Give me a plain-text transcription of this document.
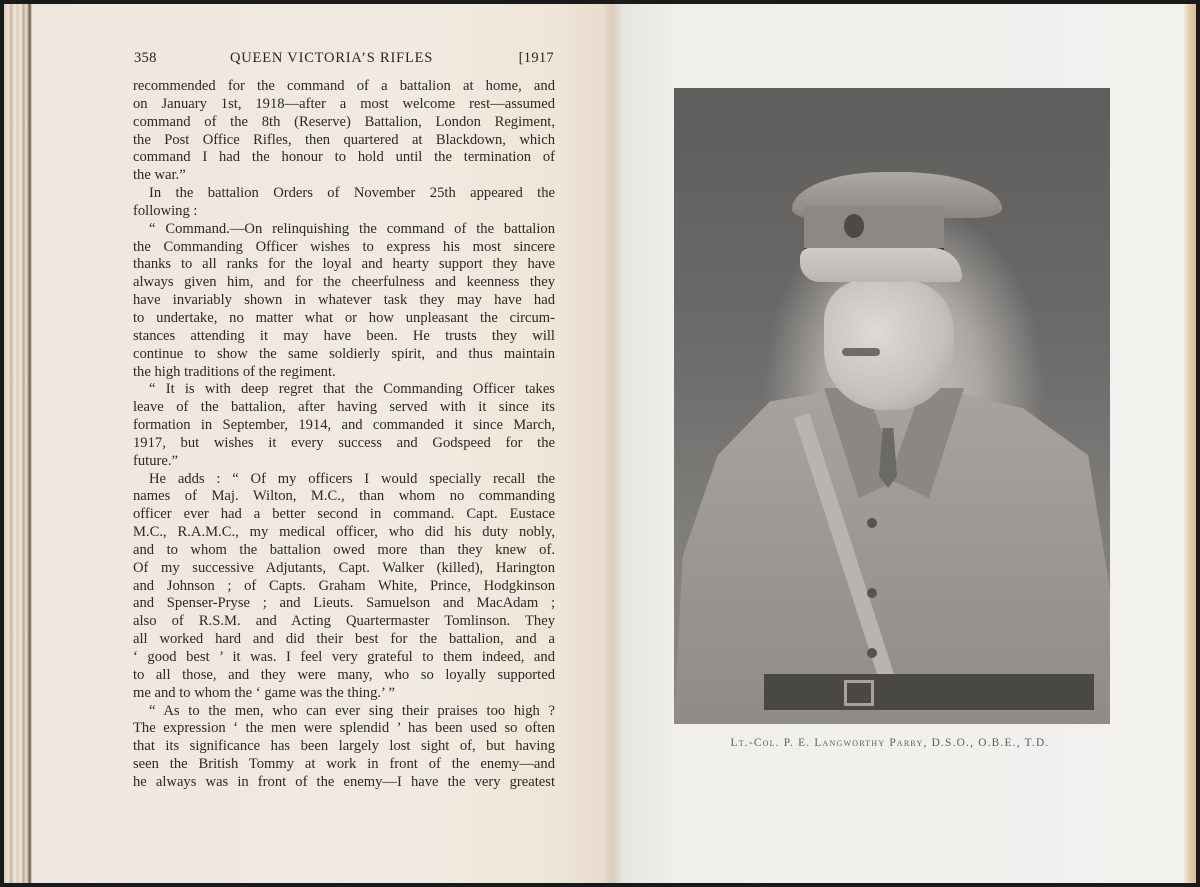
358	QUEEN VICTORIA’S RIFLES	[1917
recommended for the command of a battalion at home, and
on January 1st, 1918—after a most welcome rest—assumed
command of the 8th (Reserve) Battalion, London Regiment,
the Post Office Rifles, then quartered at Blackdown, which
command I had the honour to hold until the termination of
the war.”
In the battalion Orders of November 25th appeared the
following :
“ Command.—On relinquishing the command of the battalion
the Commanding Officer wishes to express his most sincere
thanks to all ranks for the loyal and hearty support they have
always given him, and for the cheerfulness and keenness they
have invariably shown in whatever task they may have had
to undertake, no matter what or how unpleasant the circum-
stances attending it may have been. He trusts they will
continue to show the same soldierly spirit, and thus maintain
the high traditions of the regiment.
“ It is with deep regret that the Commanding Officer takes
leave of the battalion, after having served with it since its
formation in September, 1914, and commanded it since March,
1917, but wishes it every success and Godspeed for the
future.”
He adds : “ Of my officers I would specially recall the
names of Maj. Wilton, M.C., than whom no commanding
officer ever had a better second in command. Capt. Eustace
M.C., R.A.M.C., my medical officer, who did his duty nobly,
and to whom the battalion owed more than they knew of.
Of my successive Adjutants, Capt. Walker (killed), Harington
and Johnson ; of Capts. Graham White, Prince, Hodgkinson
and Spenser-Pryse ; and Lieuts. Samuelson and MacAdam ;
also of R.S.M. and Acting Quartermaster Tomlinson. They
all worked hard and did their best for the battalion, and a
‘ good best ’ it was. I feel very grateful to them indeed, and
to all those, and they were many, who so loyally supported
me and to whom the ‘ game was the thing.’ ”
“ As to the men, who can ever sing their praises too high ?
The expression ‘ the men were splendid ’ has been used so often
that its significance has been largely lost sight of, but having
seen the British Tommy at work in front of the enemy—and
he always was in front of the enemy—I have the very greatest
Lt.-Col. P. E. Langworthy Parry, D.S.O., O.B.E., T.D.
